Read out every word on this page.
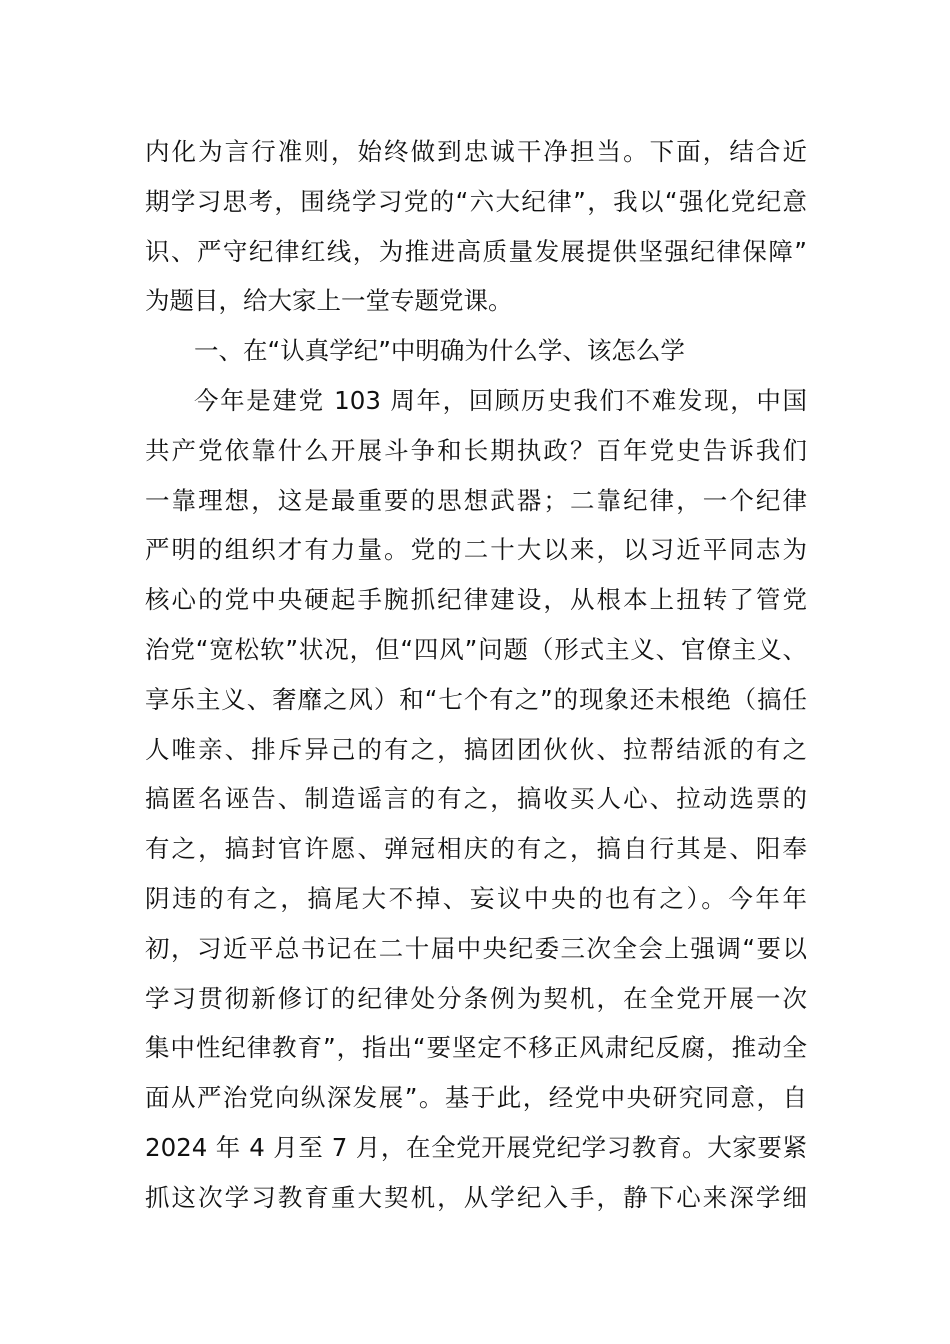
内化为言行准则，始终做到忠诚干净担当。下面，结合近
期学习思考，围绕学习党的“六大纪律”，我以“强化党纪意
识、严守纪律红线，为推进高质量发展提供坚强纪律保障”
为题目，给大家上一堂专题党课。
一、在“认真学纪”中明确为什么学、该怎么学
今年是建党 103 周年，回顾历史我们不难发现，中国
共产党依靠什么开展斗争和长期执政？百年党史告诉我们
一靠理想，这是最重要的思想武器；二靠纪律，一个纪律
严明的组织才有力量。党的二十大以来，以习近平同志为
核心的党中央硬起手腕抓纪律建设，从根本上扭转了管党
治党“宽松软”状况，但“四风”问题（形式主义、官僚主义、
享乐主义、奢靡之风）和“七个有之”的现象还未根绝（搞任
人唯亲、排斥异己的有之，搞团团伙伙、拉帮结派的有之
搞匿名诬告、制造谣言的有之，搞收买人心、拉动选票的
有之，搞封官许愿、弹冠相庆的有之，搞自行其是、阳奉
阴违的有之，搞尾大不掉、妄议中央的也有之）。今年年
初，习近平总书记在二十届中央纪委三次全会上强调“要以
学习贯彻新修订的纪律处分条例为契机，在全党开展一次
集中性纪律教育”，指出“要坚定不移正风肃纪反腐，推动全
面从严治党向纵深发展”。基于此，经党中央研究同意，自
2024 年 4 月至 7 月，在全党开展党纪学习教育。大家要紧
抓这次学习教育重大契机，从学纪入手，静下心来深学细
